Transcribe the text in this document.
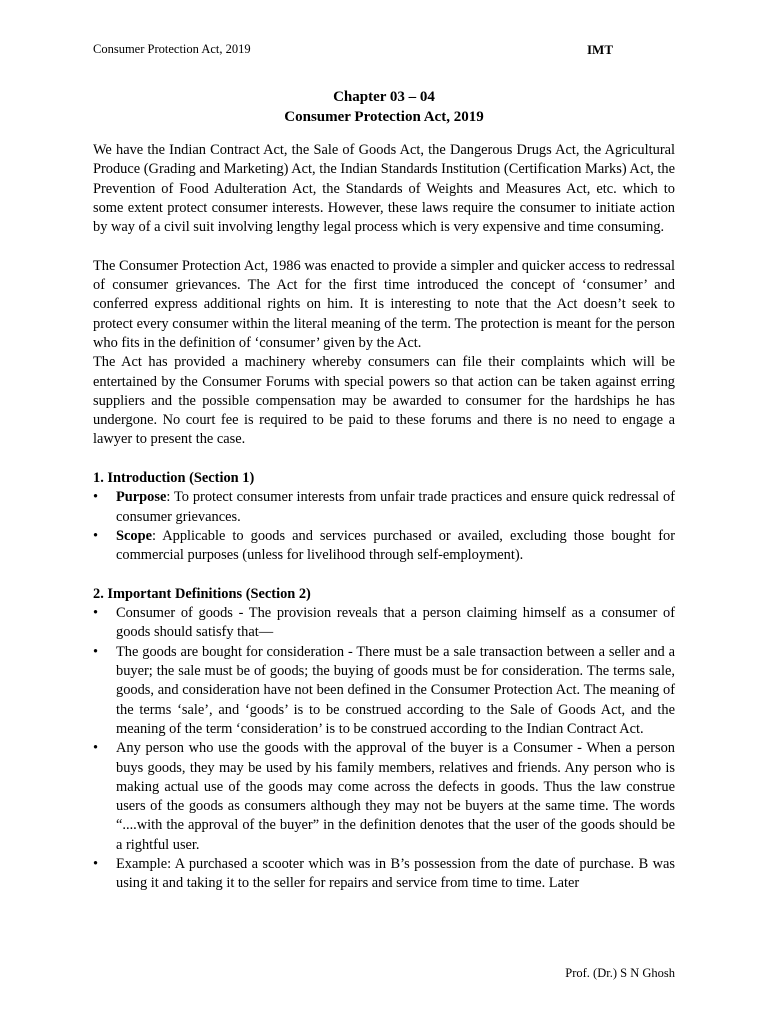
Consumer Protection Act, 2019	IMT
Chapter 03 – 04
Consumer Protection Act, 2019

We have the Indian Contract Act, the Sale of Goods Act, the Dangerous Drugs Act, the Agricultural Produce (Grading and Marketing) Act, the Indian Standards Institution (Certification Marks) Act, the Prevention of Food Adulteration Act, the Standards of Weights and Measures Act, etc. which to some extent protect consumer interests. However, these laws require the consumer to initiate action by way of a civil suit involving lengthy legal process which is very expensive and time consuming.

The Consumer Protection Act, 1986 was enacted to provide a simpler and quicker access to redressal of consumer grievances. The Act for the first time introduced the concept of ‘consumer’ and conferred express additional rights on him. It is interesting to note that the Act doesn’t seek to protect every consumer within the literal meaning of the term. The protection is meant for the person who fits in the definition of ‘consumer’ given by the Act.

The Act has provided a machinery whereby consumers can file their complaints which will be entertained by the Consumer Forums with special powers so that action can be taken against erring suppliers and the possible compensation may be awarded to consumer for the hardships he has undergone. No court fee is required to be paid to these forums and there is no need to engage a lawyer to present the case.

1. Introduction (Section 1)

• Purpose: To protect consumer interests from unfair trade practices and ensure quick redressal of consumer grievances.
• Scope: Applicable to goods and services purchased or availed, excluding those bought for commercial purposes (unless for livelihood through self-employment).

2. Important Definitions (Section 2)

• Consumer of goods - The provision reveals that a person claiming himself as a consumer of goods should satisfy that—
• The goods are bought for consideration - There must be a sale transaction between a seller and a buyer; the sale must be of goods; the buying of goods must be for consideration. The terms sale, goods, and consideration have not been defined in the Consumer Protection Act. The meaning of the terms ‘sale’, and ‘goods’ is to be construed according to the Sale of Goods Act, and the meaning of the term ‘consideration’ is to be construed according to the Indian Contract Act.
• Any person who use the goods with the approval of the buyer is a Consumer - When a person buys goods, they may be used by his family members, relatives and friends. Any person who is making actual use of the goods may come across the defects in goods. Thus the law construe users of the goods as consumers although they may not be buyers at the same time. The words “....with the approval of the buyer” in the definition denotes that the user of the goods should be a rightful user.
• Example: A purchased a scooter which was in B’s possession from the date of purchase. B was using it and taking it to the seller for repairs and service from time to time. Later
Prof. (Dr.) S N Ghosh
